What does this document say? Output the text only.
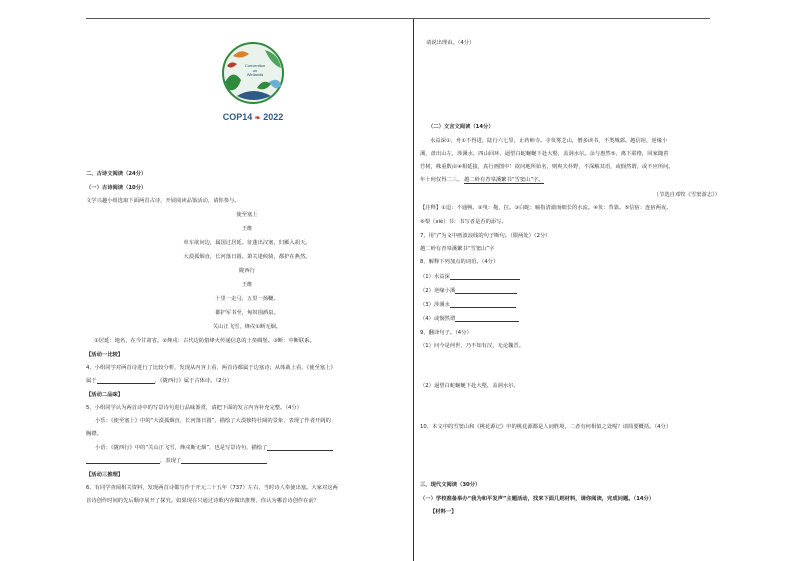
Convention
on
Wetlands
COP14 ❧ 2022
二、古诗文阅读（24分）
（一）古诗阅读（10分）
文学兴趣小组选取下面两首古诗，开展阅读品鉴活动，请你参与。
使至塞上
王维
单车欲问边，属国过居延。征蓬出汉塞，归雁入胡天。
大漠孤烟直，长河落日圆。萧关逢候骑，都护在燕然。
陇西行
王维
十里一走马，五里一扬鞭。
都护军书至，匈奴围酒泉。
关山正飞雪，烽戍①断无烟。
①居延：地名，在今甘肃省。②烽戍：古代边防借烽火传递信息的土垒碉堡。③断：中断联系。
【活动一比较】
4、小组同学对两首诗进行了比较分析，发现从内容上看，两首诗都属于边塞诗；从体裁上看，《使至塞上》
属于	，《陇西行》属于古体诗。（2分）
【活动二品味】
5、小组同学认为两首诗中的写景诗句进行品味鉴赏，请把下面的发言内容补充完整。（4分）
小乐：《使至塞上》中的“大漠孤烟直，长河落日圆”，描绘了大漠独特壮阔的景象，表现了作者开阔的
胸襟。
小语：《陇西行》中的“关山正飞雪，烽戍断无烟”，也是写景诗句，描绘了
，表现了
【活动三推理】
6、有同学查阅相关资料，发现两首诗都写作于开元二十五年（737）左右，当时诗人奉使出塞。大家对这两
首诗创作时间的先后顺序展开了探究。如果现在只通过诗歌内容做出推理，你认为哪首诗创作在前？
请说出理由。（4分）
（二）文言文阅读（14分）
水益深①，舟①不得进，陆行六七里，止药师寺。寺负雾芝山，僧多读书，不类城郭。越信宿，逆缘小
溪，盘出山左，涉溪水，四山回环，逼望白蛇蜿蜒下赴大壑，盖洞水尔。余与惠然⑤，离下联络，回家随着
竹树，株重数亩④相延接，真行画图中！欲问地所始名，则爽夫朴野，不深解其语，或悯然谓，或不应所问。
年十何仅得二三。 越二岭有青皋溪繁书“雪窦山”字。
（节选自邓牧《雪窦游志》）
【注释】①迢：不通畅。②曳：拖，拉。③白蛇：喻指清澈而细长的水流。④负：背靠。⑤信宿：连宿两夜。
⑥梨（xiè）书：书写者是否的添写。
7、用“/”为文中画波浪线的句子断句。（限两处）（2分）
越二岭有青皋溪繁书“雪窦山”字
8、解释下列加点的词语。（4分）
（1）水益深
（2）逆缘小溪
（3）涉溪水
（4）或悯然谓
9、翻译句子。（4分）
（1）问今是何世，乃不知有汉，无论魏晋。
（2）逼望白蛇蜿蜒下赴大壑，盖洞水尔。
10、本文中的雪窦山和《桃花源记》中的桃花源都是人间胜境，二者有何相似之处呢？请简要概括。（4分）
三、现代文阅读（30分）
（一）学校准备举办“我为和平发声”主题活动，找来下面几则材料，请你阅读，完成问题。（14分）
【材料一】
